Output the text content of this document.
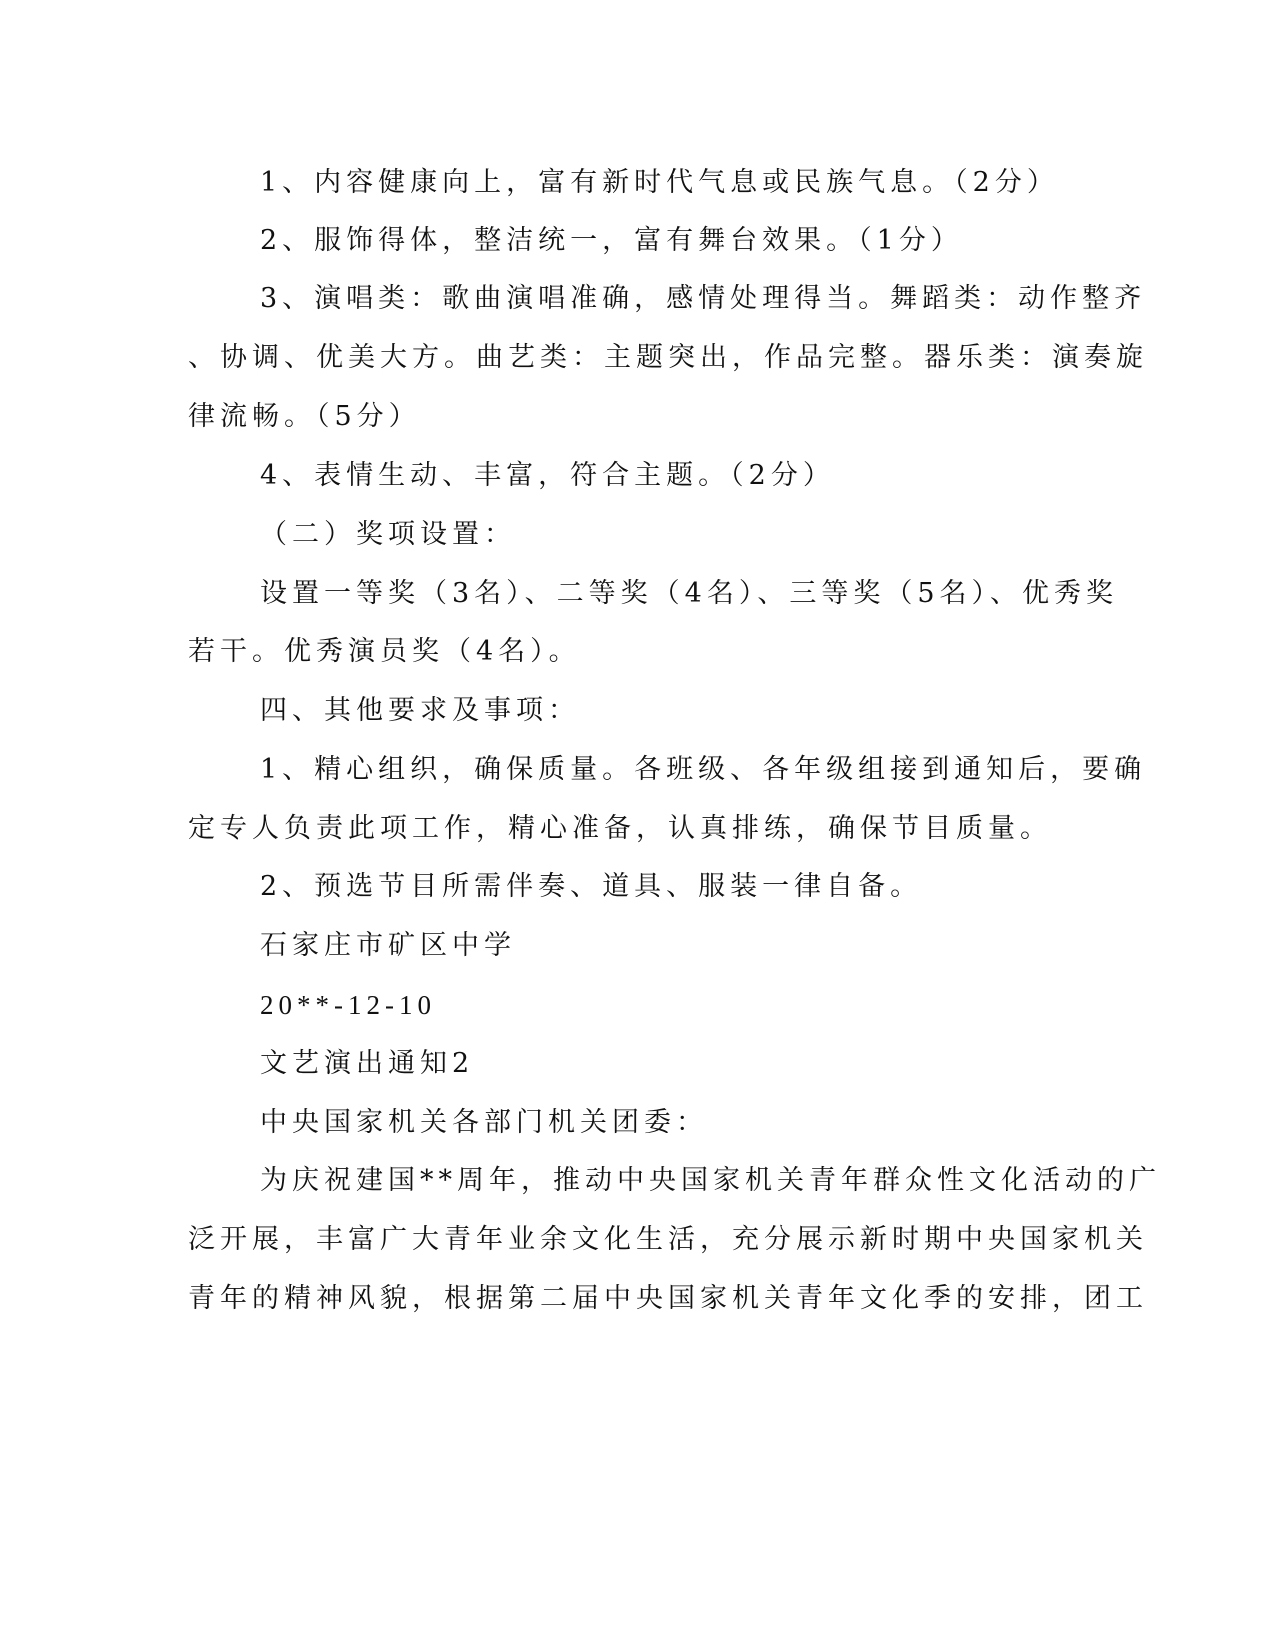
1、内容健康向上，富有新时代气息或民族气息。（2分）
2、服饰得体，整洁统一，富有舞台效果。（1分）
3、演唱类：歌曲演唱准确，感情处理得当。舞蹈类：动作整齐
、协调、优美大方。曲艺类：主题突出，作品完整。器乐类：演奏旋
律流畅。（5分）
4、表情生动、丰富，符合主题。（2分）
（二）奖项设置：
设置一等奖（3名）、二等奖（4名）、三等奖（5名）、优秀奖
若干。优秀演员奖（4名）。
四、其他要求及事项：
1、精心组织，确保质量。各班级、各年级组接到通知后，要确
定专人负责此项工作，精心准备，认真排练，确保节目质量。
2、预选节目所需伴奏、道具、服装一律自备。
石家庄市矿区中学
20**-12-10
文艺演出通知2
中央国家机关各部门机关团委：
为庆祝建国**周年，推动中央国家机关青年群众性文化活动的广
泛开展，丰富广大青年业余文化生活，充分展示新时期中央国家机关
青年的精神风貌，根据第二届中央国家机关青年文化季的安排，团工
